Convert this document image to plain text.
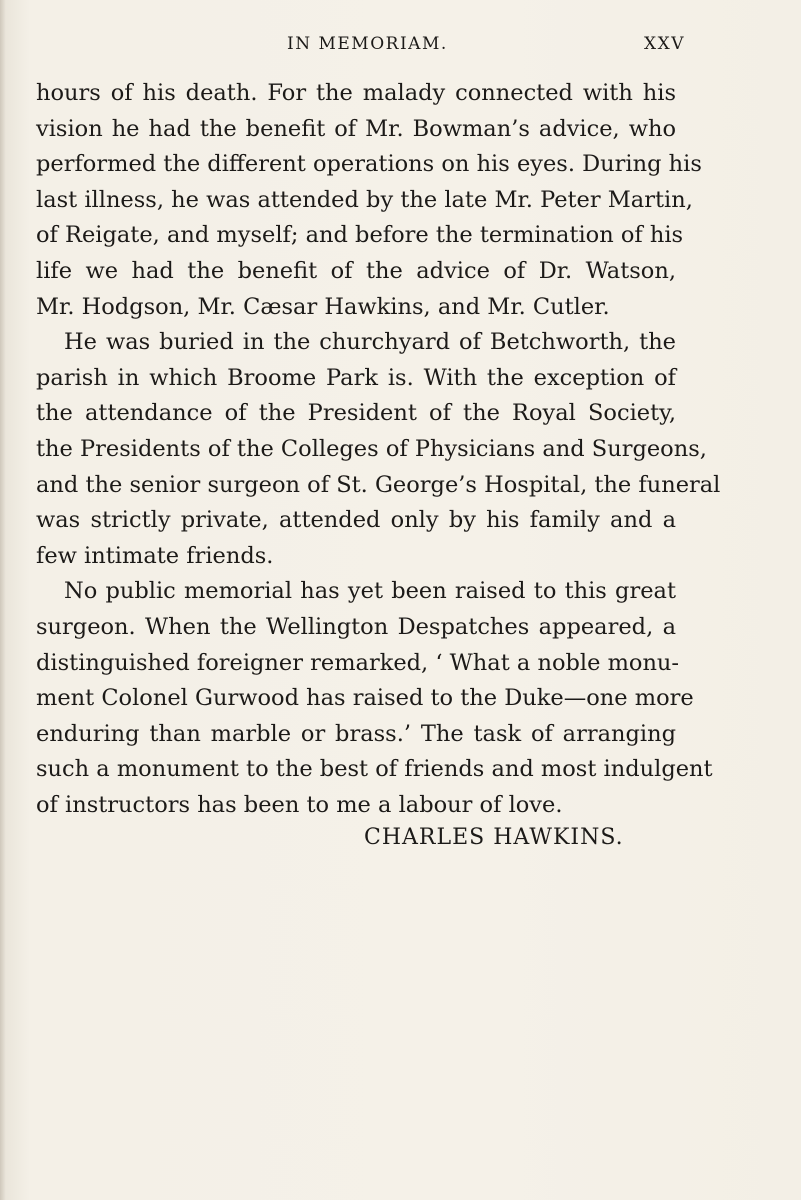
IN MEMORIAM.	XXV
hours of his death. For the malady connected with his
vision he had the benefit of Mr. Bowman’s advice, who
performed the different operations on his eyes. During his
last illness, he was attended by the late Mr. Peter Martin,
of Reigate, and myself; and before the termination of his
life we had the benefit of the advice of Dr. Watson,
Mr. Hodgson, Mr. Cæsar Hawkins, and Mr. Cutler.
He was buried in the churchyard of Betchworth, the
parish in which Broome Park is. With the exception of
the attendance of the President of the Royal Society,
the Presidents of the Colleges of Physicians and Surgeons,
and the senior surgeon of St. George’s Hospital, the funeral
was strictly private, attended only by his family and a
few intimate friends.
No public memorial has yet been raised to this great
surgeon. When the Wellington Despatches appeared, a
distinguished foreigner remarked, ‘ What a noble monu-
ment Colonel Gurwood has raised to the Duke—one more
enduring than marble or brass.’ The task of arranging
such a monument to the best of friends and most indulgent
of instructors has been to me a labour of love.
CHARLES HAWKINS.
